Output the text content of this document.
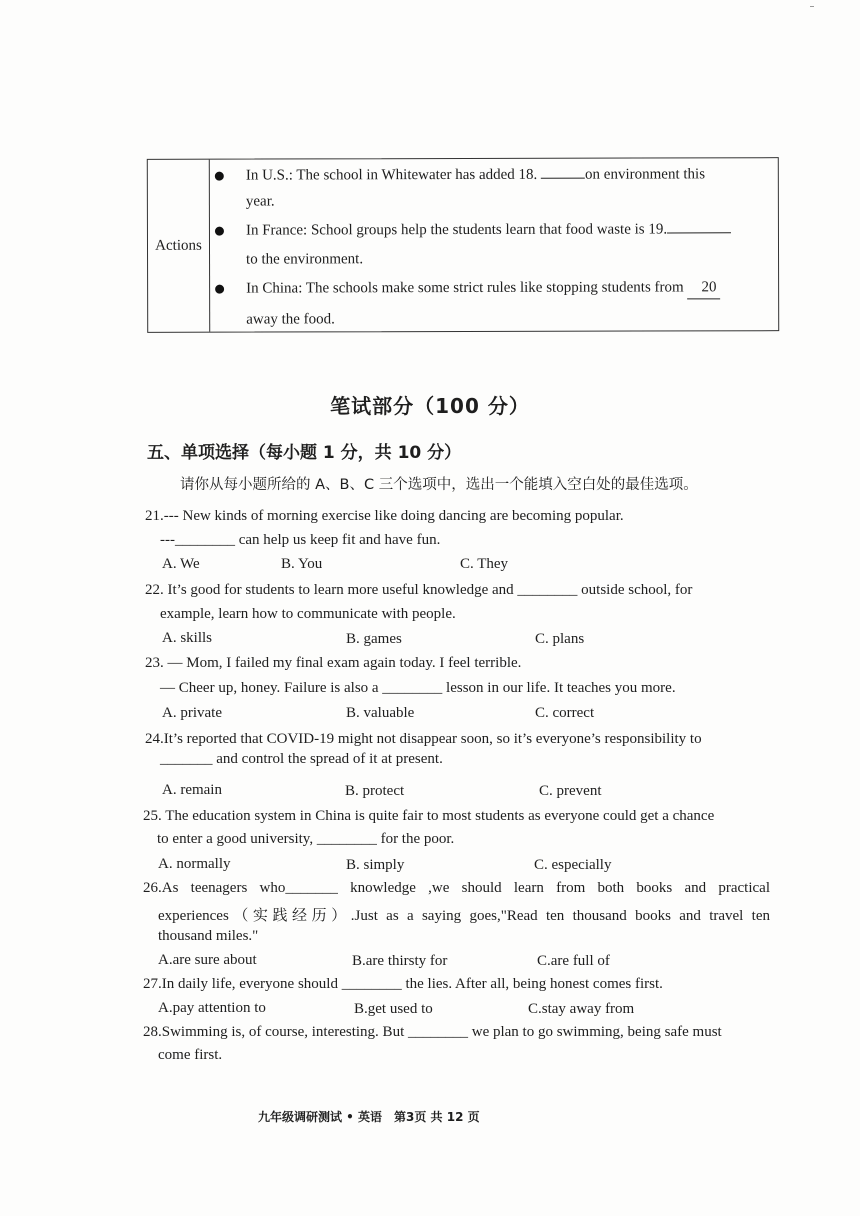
Actions
In U.S.: The school in Whitewater has added 18.	on environment this
year.
In France: School groups help the students learn that food waste is 19.
to the environment.
In China: The schools make some strict rules like stopping students from 20
away the food.
笔试部分（100 分）
五、单项选择（每小题 1 分，共 10 分）
请你从每小题所给的 A、B、C 三个选项中，选出一个能填入空白处的最佳选项。
21.--- New kinds of morning exercise like doing dancing are becoming popular.
---________ can help us keep fit and have fun.
A. We	B. You	C. They
22. It’s good for students to learn more useful knowledge and ________ outside school, for
example, learn how to communicate with people.
A. skills	B. games	C. plans
23. — Mom, I failed my final exam again today. I feel terrible.
— Cheer up, honey. Failure is also a ________ lesson in our life. It teaches you more.
A. private	B. valuable	C. correct
24.It’s reported that COVID-19 might not disappear soon, so it’s everyone’s responsibility to
_______ and control the spread of it at present.
A. remain	B. protect	C. prevent
25. The education system in China is quite fair to most students as everyone could get a chance
to enter a good university, ________ for the poor.
A. normally	B. simply	C. especially
26.As teenagers who_______ knowledge ,we should learn from both books and practical
experiences（实践经历）.Just as a saying goes,"Read ten thousand books and travel ten
thousand miles."
A.are sure about	B.are thirsty for	C.are full of
27.In daily life, everyone should ________ the lies. After all, being honest comes first.
A.pay attention to	B.get used to	C.stay away from
28.Swimming is, of course, interesting. But ________ we plan to go swimming, being safe must
come first.
九年级调研测试 • 英语　第3页 共 12 页
